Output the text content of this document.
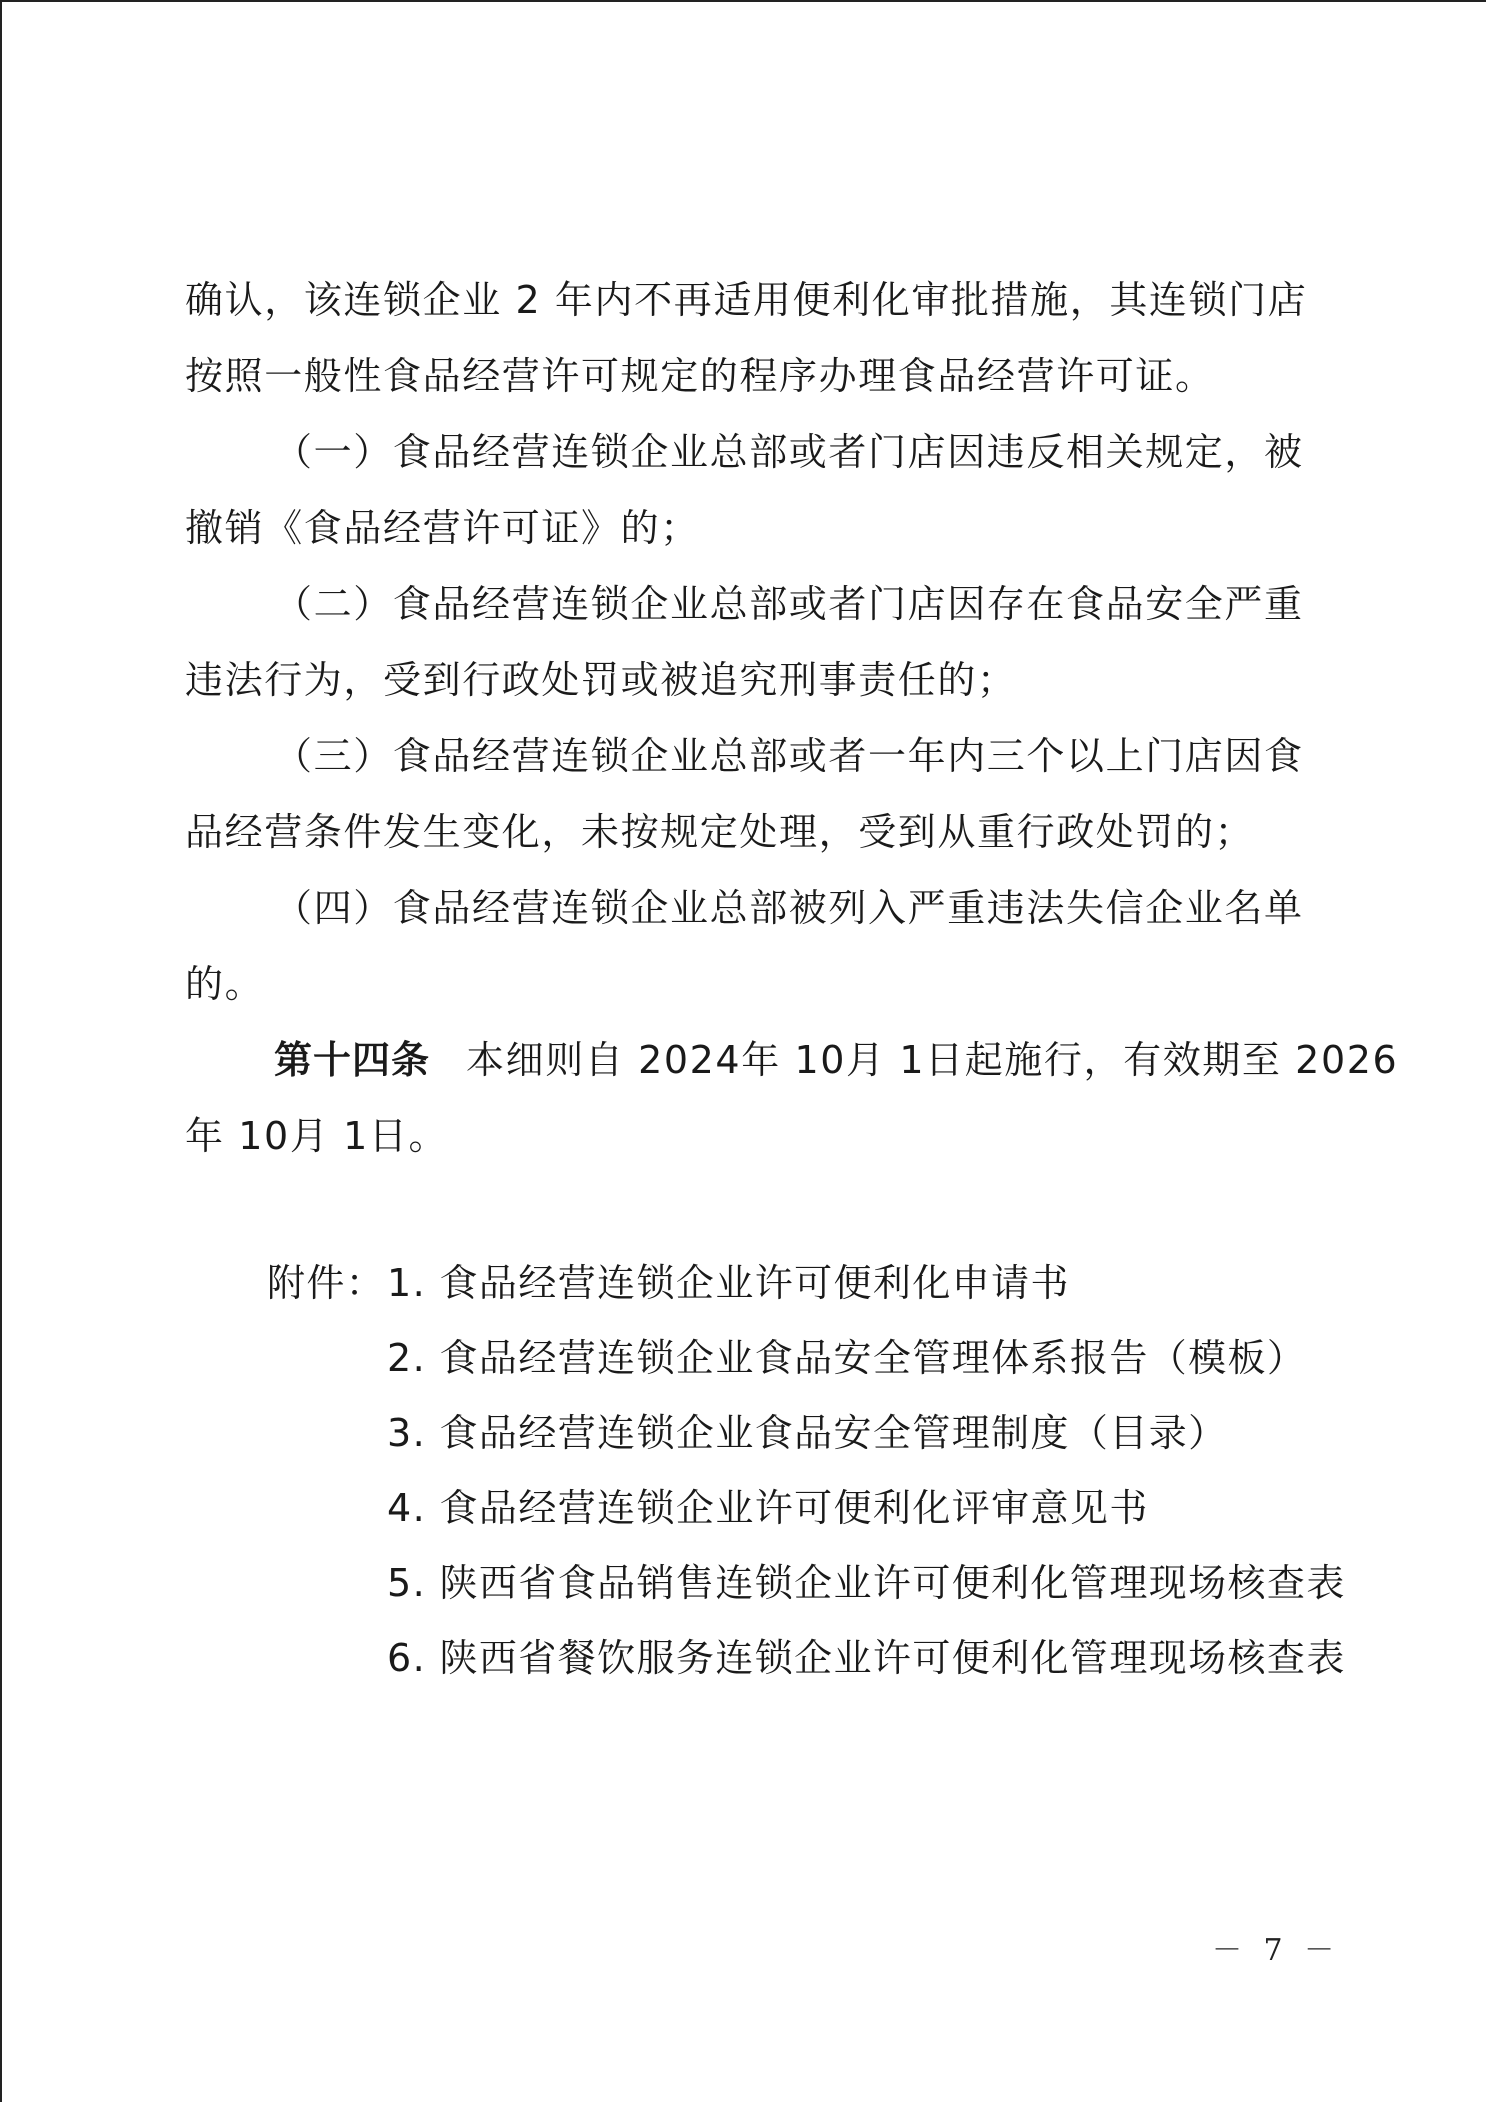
确认，该连锁企业 2 年内不再适用便利化审批措施，其连锁门店
按照一般性食品经营许可规定的程序办理食品经营许可证。
（一）食品经营连锁企业总部或者门店因违反相关规定，被
撤销《食品经营许可证》的；
（二）食品经营连锁企业总部或者门店因存在食品安全严重
违法行为，受到行政处罚或被追究刑事责任的；
（三）食品经营连锁企业总部或者一年内三个以上门店因食
品经营条件发生变化，未按规定处理，受到从重行政处罚的；
（四）食品经营连锁企业总部被列入严重违法失信企业名单
的。
第十四条 本细则自 2024年 10月 1日起施行，有效期至 2026
年 10月 1日。
附件：1. 食品经营连锁企业许可便利化申请书
2. 食品经营连锁企业食品安全管理体系报告（模板）
3. 食品经营连锁企业食品安全管理制度（目录）
4. 食品经营连锁企业许可便利化评审意见书
5. 陕西省食品销售连锁企业许可便利化管理现场核查表
6. 陕西省餐饮服务连锁企业许可便利化管理现场核查表
－ 7 －
